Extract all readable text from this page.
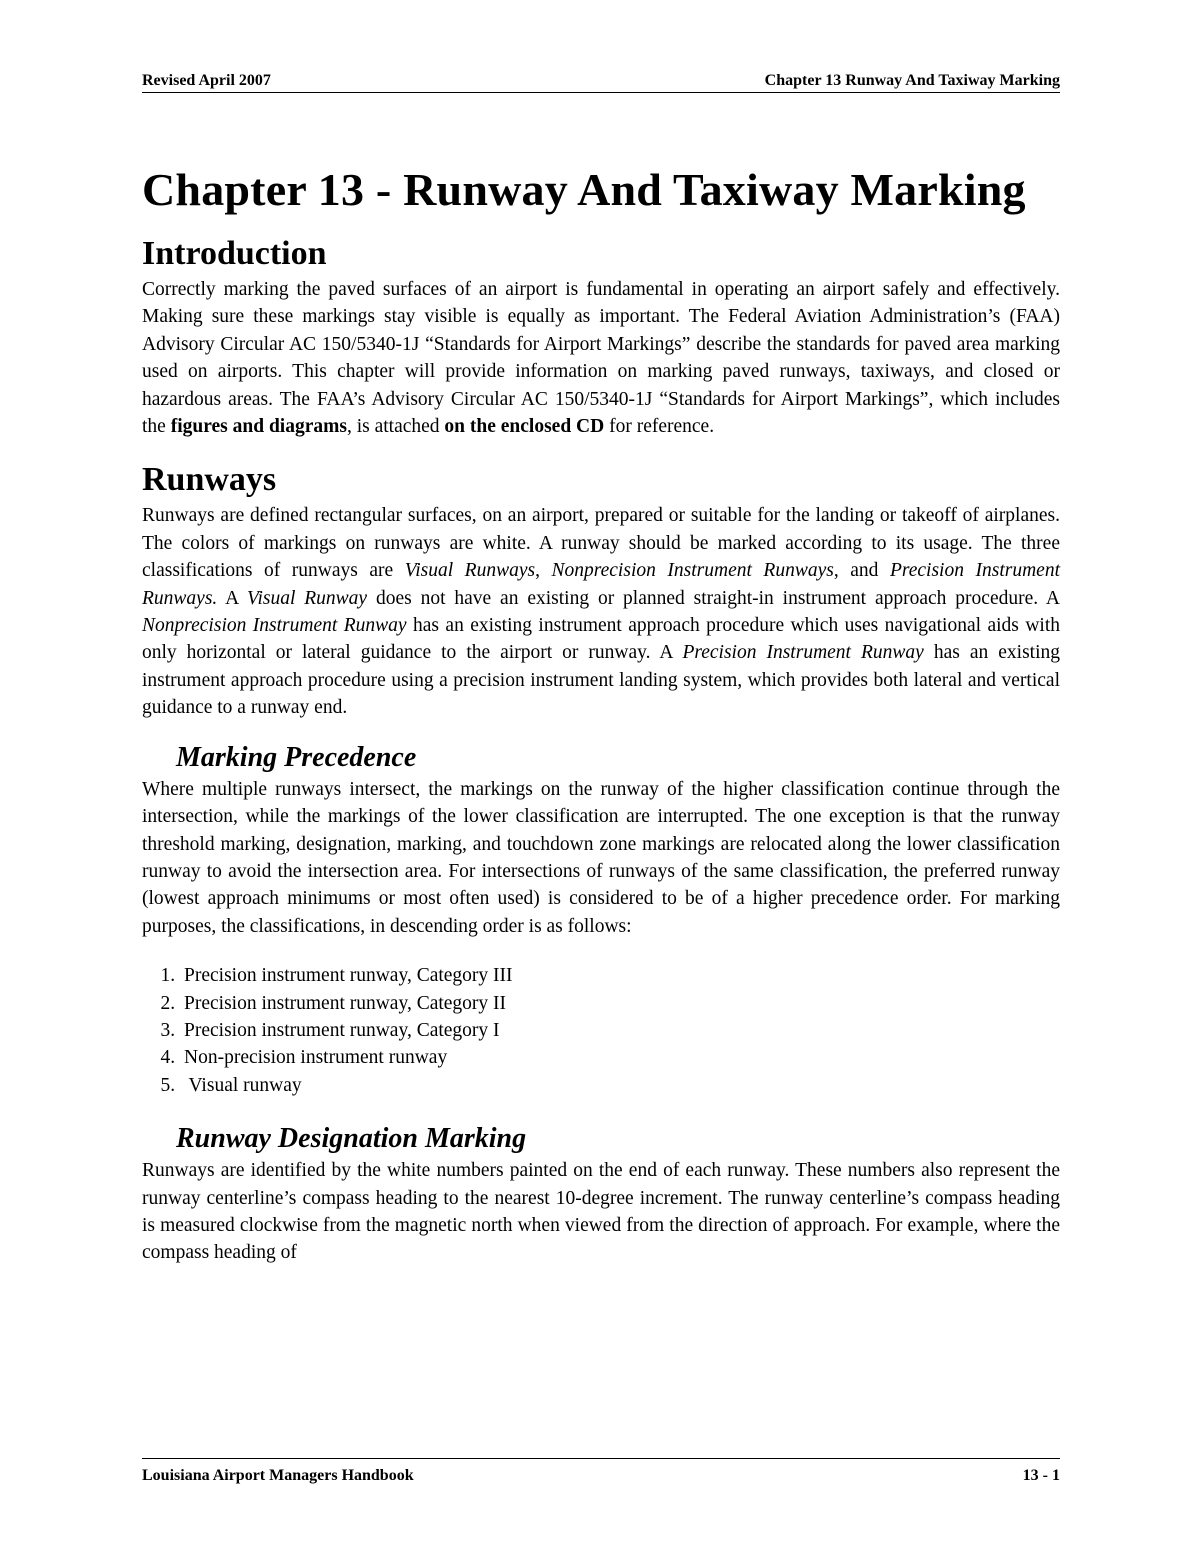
Revised April 2007	Chapter 13 Runway And Taxiway Marking
Chapter 13 - Runway And Taxiway Marking
Introduction

Correctly marking the paved surfaces of an airport is fundamental in operating an airport safely and effectively. Making sure these markings stay visible is equally as important. The Federal Aviation Administration’s (FAA) Advisory Circular AC 150/5340-1J “Standards for Airport Markings” describe the standards for paved area marking used on airports. This chapter will provide information on marking paved runways, taxiways, and closed or hazardous areas. The FAA’s Advisory Circular AC 150/5340-1J “Standards for Airport Markings”, which includes the figures and diagrams, is attached on the enclosed CD for reference.

Runways

Runways are defined rectangular surfaces, on an airport, prepared or suitable for the landing or takeoff of airplanes. The colors of markings on runways are white. A runway should be marked according to its usage. The three classifications of runways are Visual Runways, Nonprecision Instrument Runways, and Precision Instrument Runways. A Visual Runway does not have an existing or planned straight-in instrument approach procedure. A Nonprecision Instrument Runway has an existing instrument approach procedure which uses navigational aids with only horizontal or lateral guidance to the airport or runway. A Precision Instrument Runway has an existing instrument approach procedure using a precision instrument landing system, which provides both lateral and vertical guidance to a runway end.

Marking Precedence

Where multiple runways intersect, the markings on the runway of the higher classification continue through the intersection, while the markings of the lower classification are interrupted. The one exception is that the runway threshold marking, designation, marking, and touchdown zone markings are relocated along the lower classification runway to avoid the intersection area. For intersections of runways of the same classification, the preferred runway (lowest approach minimums or most often used) is considered to be of a higher precedence order. For marking purposes, the classifications, in descending order is as follows:

1. Precision instrument runway, Category III
2. Precision instrument runway, Category II
3. Precision instrument runway, Category I
4. Non-precision instrument runway
5.  Visual runway
Runway Designation Marking

Runways are identified by the white numbers painted on the end of each runway. These numbers also represent the runway centerline’s compass heading to the nearest 10-degree increment. The runway centerline’s compass heading is measured clockwise from the magnetic north when viewed from the direction of approach. For example, where the compass heading of

Louisiana Airport Managers Handbook	13 - 1
